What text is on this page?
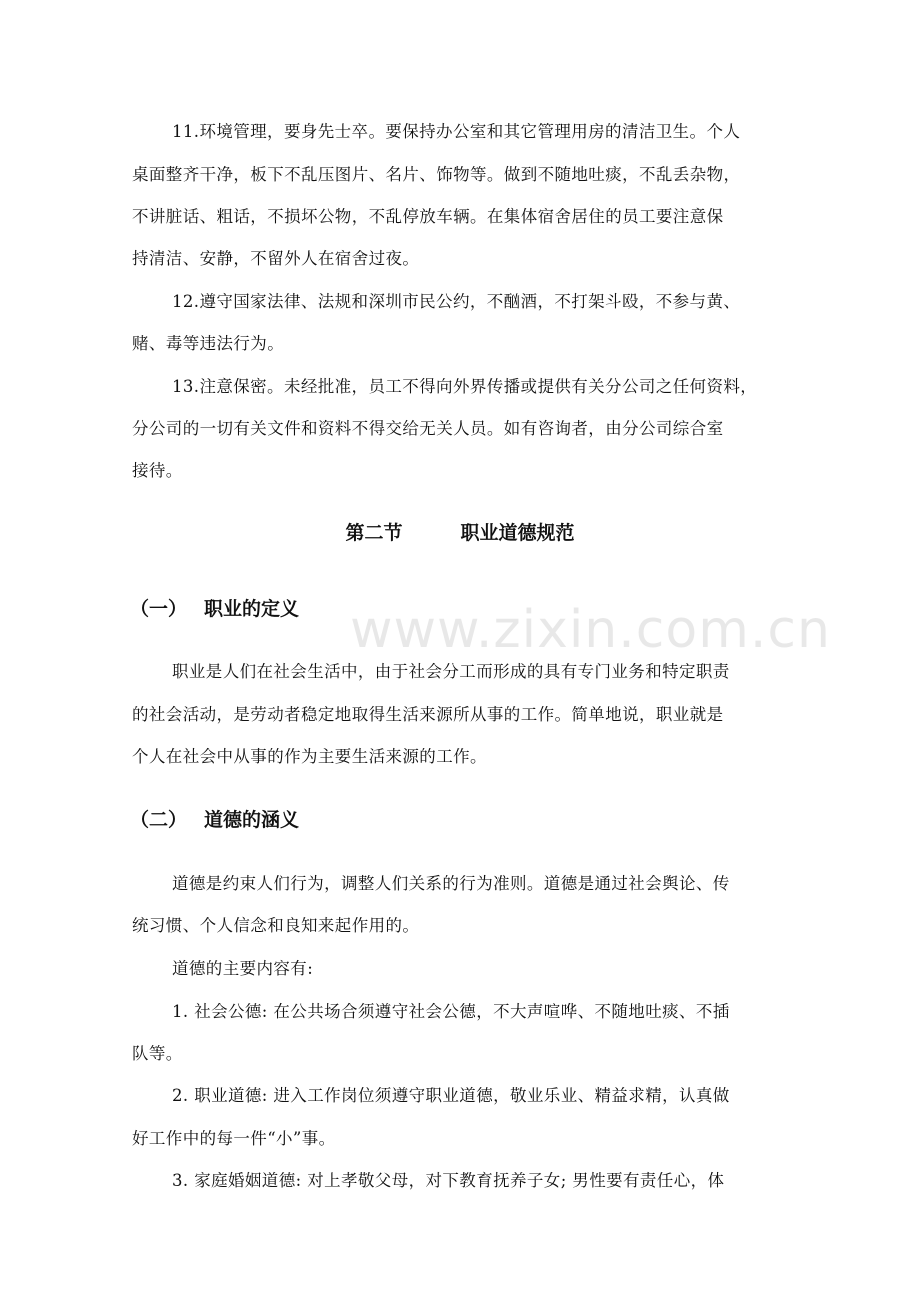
www.zixin.com.cn
11.环境管理，要身先士卒。要保持办公室和其它管理用房的清洁卫生。个人
桌面整齐干净，板下不乱压图片、名片、饰物等。做到不随地吐痰，不乱丢杂物，
不讲脏话、粗话，不损坏公物，不乱停放车辆。在集体宿舍居住的员工要注意保
持清洁、安静，不留外人在宿舍过夜。
12.遵守国家法律、法规和深圳市民公约，不酗酒，不打架斗殴，不参与黄、
赌、毒等违法行为。
13.注意保密。未经批准，员工不得向外界传播或提供有关分公司之任何资料，
分公司的一切有关文件和资料不得交给无关人员。如有咨询者，由分公司综合室
接待。
第二节	职业道德规范
（一） 职业的定义
职业是人们在社会生活中，由于社会分工而形成的具有专门业务和特定职责
的社会活动，是劳动者稳定地取得生活来源所从事的工作。简单地说，职业就是
个人在社会中从事的作为主要生活来源的工作。
（二） 道德的涵义
道德是约束人们行为，调整人们关系的行为准则。道德是通过社会舆论、传
统习惯、个人信念和良知来起作用的。
道德的主要内容有:
1. 社会公德: 在公共场合须遵守社会公德，不大声喧哗、不随地吐痰、不插
队等。
2. 职业道德: 进入工作岗位须遵守职业道德，敬业乐业、精益求精，认真做
好工作中的每一件“小”事。
3. 家庭婚姻道德: 对上孝敬父母，对下教育抚养子女; 男性要有责任心，体
